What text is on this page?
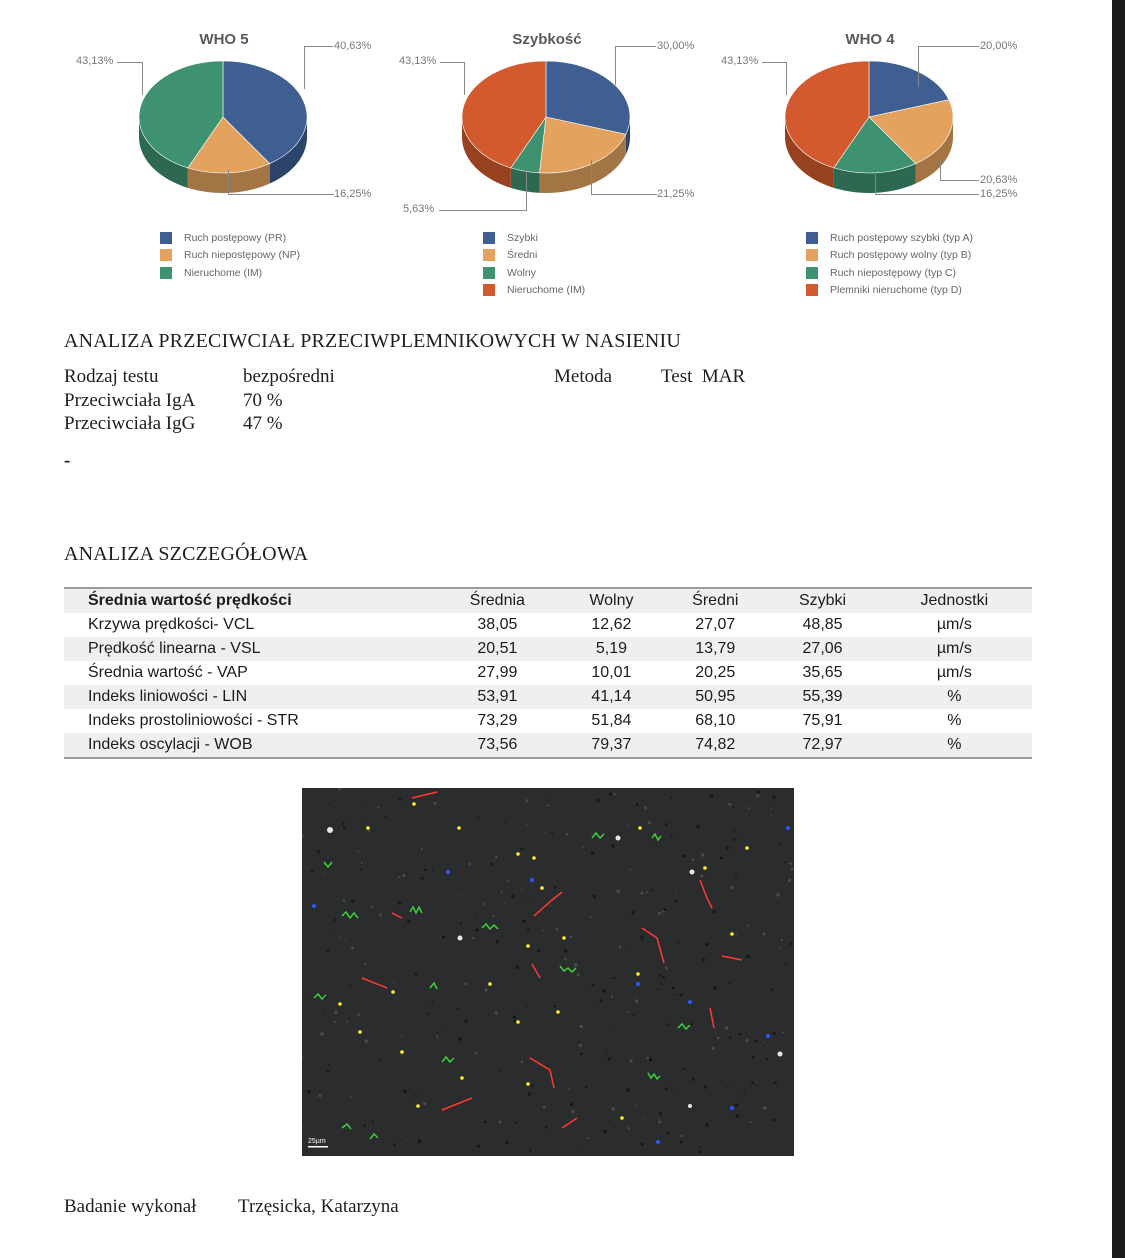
WHO 5	40,63%
16,25%
43,13%
Ruch postępowy (PR)
Ruch niepostępowy (NP)
Nieruchome (IM)
Szybkość	30,00%
21,25%
5,63%
43,13%
Szybki
Średni
Wolny
Nieruchome (IM)
WHO 4	20,00%
20,63%
16,25%
43,13%
Ruch postępowy szybki (typ A)
Ruch postępowy wolny (typ B)
Ruch niepostępowy (typ C)
Plemniki nieruchome (typ D)
ANALIZA PRZECIWCIAŁ PRZECIWPLEMNIKOWYCH W NASIENIU
Rodzaj testu	bezpośredni	Metoda	Test  MAR
Przeciwciała IgA	70 %
Przeciwciała IgG	47 %
-
ANALIZA SZCZEGÓŁOWA
Średnia wartość prędkości	Średnia	Wolny	Średni	Szybki	Jednostki
Krzywa prędkości- VCL	38,05	12,62	27,07	48,85	µm/s
Prędkość linearna - VSL	20,51	5,19	13,79	27,06	µm/s
Średnia wartość - VAP	27,99	10,01	20,25	35,65	µm/s
Indeks liniowości - LIN	53,91	41,14	50,95	55,39	%
Indeks prostoliniowości - STR	73,29	51,84	68,10	75,91	%
Indeks oscylacji - WOB	73,56	79,37	74,82	72,97	%
25µm
Badanie wykonał Trzęsicka, Katarzyna
